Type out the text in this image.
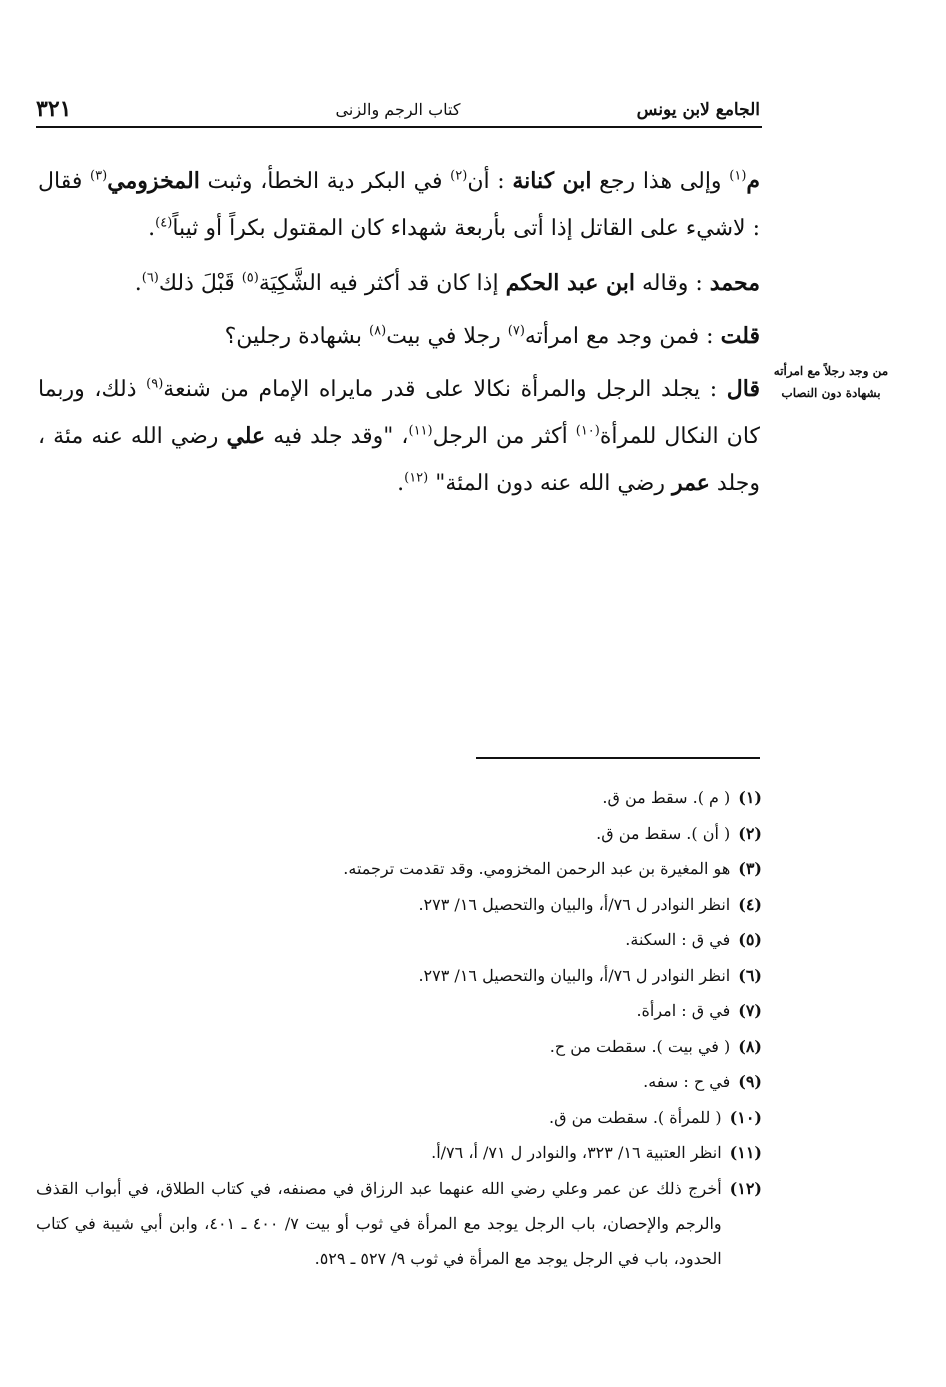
الجامع لابن يونس
كتاب الرجم والزنى
٣٢١

م$^{(١)}$ وإلى هذا رجع ابن كنانة : أن$^{(٢)}$ في البكر دية الخطأ، وثبت المخزومي$^{(٣)}$ فقال : لاشيء على القاتل إذا أتى بأربعة شهداء كان المقتول بكراً أو ثيباً$^{(٤)}$.

محمد : وقاله ابن عبد الحكم إذا كان قد أكثر فيه الشَّكِيَة$^{(٥)}$ قَبْلَ ذلك$^{(٦)}$.

قلت : فمن وجد مع امرأته$^{(٧)}$ رجلا في بيت$^{(٨)}$ بشهادة رجلين؟

قال : يجلد الرجل والمرأة نكالا على قدر مايراه الإمام من شنعة$^{(٩)}$ ذلك، وربما كان النكال للمرأة$^{(١٠)}$ أكثر من الرجل$^{(١١)}$، "وقد جلد فيه علي رضي الله عنه مئة ، وجلد عمر رضي الله عنه دون المئة" $^{(١٢)}$.

من وجد رجلاً مع امرأته
بشهادة دون النصاب
(١)
( م ). سقط من ق.
(٢)
( أن ). سقط من ق.
(٣)
هو المغيرة بن عبد الرحمن المخزومي. وقد تقدمت ترجمته.
(٤)
انظر النوادر ل ٧٦/أ، والبيان والتحصيل ١٦/ ٢٧٣.
(٥)
في ق : السكنة.
(٦)
انظر النوادر ل ٧٦/أ، والبيان والتحصيل ١٦/ ٢٧٣.
(٧)
في ق : امرأة.
(٨)
( في بيت ). سقطت من ح.
(٩)
في ح : سفه.
(١٠)
( للمرأة ). سقطت من ق.
(١١)
انظر العتبية ١٦/ ٣٢٣، والنوادر ل ٧١/ أ، ٧٦/أ.
(١٢)
أخرج ذلك عن عمر وعلي رضي الله عنهما عبد الرزاق في مصنفه، في كتاب الطلاق، في أبواب القذف والرجم والإحصان، باب الرجل يوجد مع المرأة في ثوب أو بيت ٧/ ٤٠٠ ـ ٤٠١، وابن أبي شيبة في كتاب الحدود، باب في الرجل يوجد مع المرأة في ثوب ٩/ ٥٢٧ ـ ٥٢٩.
